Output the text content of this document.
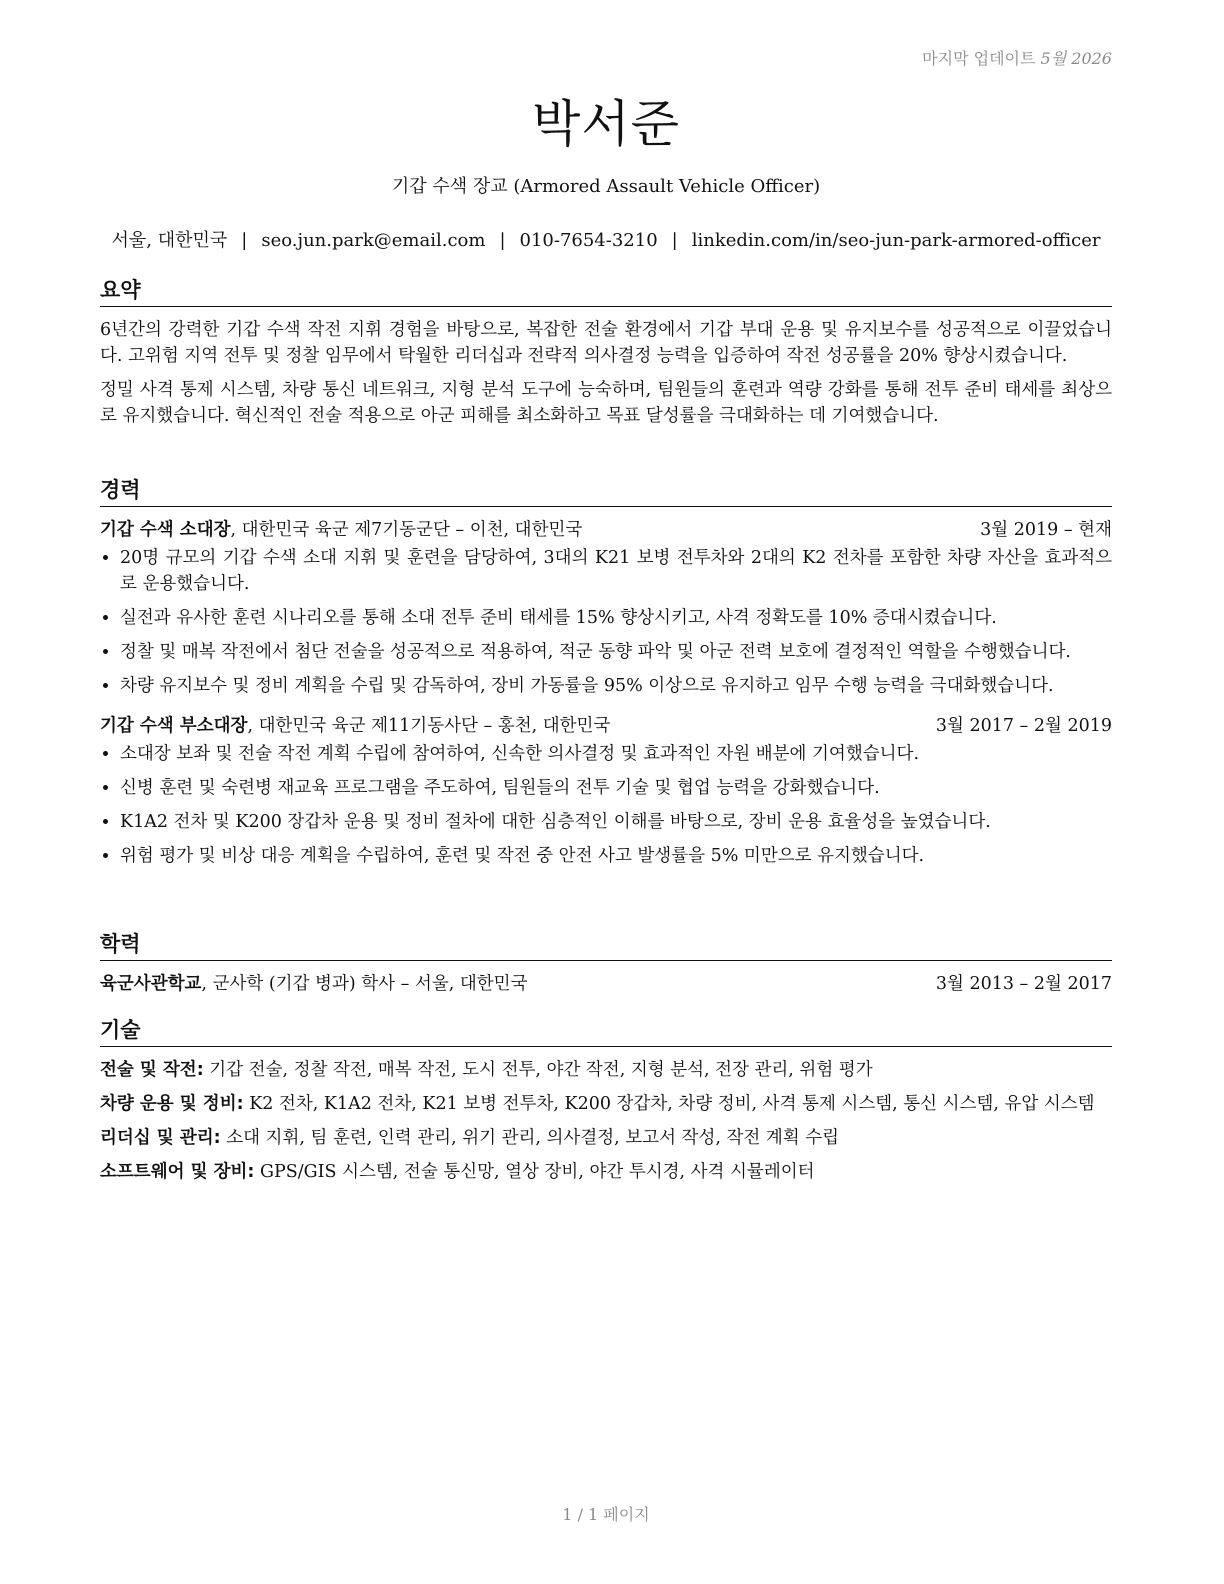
마지막 업데이트 5월 2026
박서준
기갑 수색 장교 (Armored Assault Vehicle Officer)
서울, 대한민국 | seo.jun.park@email.com | 010-7654-3210 | linkedin.com/in/seo-jun-park-armored-officer
요약

6년간의 강력한 기갑 수색 작전 지휘 경험을 바탕으로, 복잡한 전술 환경에서 기갑 부대 운용 및 유지보수를 성공적으로 이끌었습니다. 고위험 지역 전투 및 정찰 임무에서 탁월한 리더십과 전략적 의사결정 능력을 입증하여 작전 성공률을 20% 향상시켰습니다.

정밀 사격 통제 시스템, 차량 통신 네트워크, 지형 분석 도구에 능숙하며, 팀원들의 훈련과 역량 강화를 통해 전투 준비 태세를 최상으로 유지했습니다. 혁신적인 전술 적용으로 아군 피해를 최소화하고 목표 달성률을 극대화하는 데 기여했습니다.

경력
기갑 수색 소대장, 대한민국 육군 제7기동군단 – 이천, 대한민국	3월 2019 – 현재
• 20명 규모의 기갑 수색 소대 지휘 및 훈련을 담당하여, 3대의 K21 보병 전투차와 2대의 K2 전차를 포함한 차량 자산을 효과적으로 운용했습니다.
• 실전과 유사한 훈련 시나리오를 통해 소대 전투 준비 태세를 15% 향상시키고, 사격 정확도를 10% 증대시켰습니다.
• 정찰 및 매복 작전에서 첨단 전술을 성공적으로 적용하여, 적군 동향 파악 및 아군 전력 보호에 결정적인 역할을 수행했습니다.
• 차량 유지보수 및 정비 계획을 수립 및 감독하여, 장비 가동률을 95% 이상으로 유지하고 임무 수행 능력을 극대화했습니다.
기갑 수색 부소대장, 대한민국 육군 제11기동사단 – 홍천, 대한민국	3월 2017 – 2월 2019
• 소대장 보좌 및 전술 작전 계획 수립에 참여하여, 신속한 의사결정 및 효과적인 자원 배분에 기여했습니다.
• 신병 훈련 및 숙련병 재교육 프로그램을 주도하여, 팀원들의 전투 기술 및 협업 능력을 강화했습니다.
• K1A2 전차 및 K200 장갑차 운용 및 정비 절차에 대한 심층적인 이해를 바탕으로, 장비 운용 효율성을 높였습니다.
• 위험 평가 및 비상 대응 계획을 수립하여, 훈련 및 작전 중 안전 사고 발생률을 5% 미만으로 유지했습니다.
학력
육군사관학교, 군사학 (기갑 병과) 학사 – 서울, 대한민국	3월 2013 – 2월 2017
기술
전술 및 작전: 기갑 전술, 정찰 작전, 매복 작전, 도시 전투, 야간 작전, 지형 분석, 전장 관리, 위험 평가
차량 운용 및 정비: K2 전차, K1A2 전차, K21 보병 전투차, K200 장갑차, 차량 정비, 사격 통제 시스템, 통신 시스템, 유압 시스템
리더십 및 관리: 소대 지휘, 팀 훈련, 인력 관리, 위기 관리, 의사결정, 보고서 작성, 작전 계획 수립
소프트웨어 및 장비: GPS/GIS 시스템, 전술 통신망, 열상 장비, 야간 투시경, 사격 시뮬레이터
1 / 1 페이지
